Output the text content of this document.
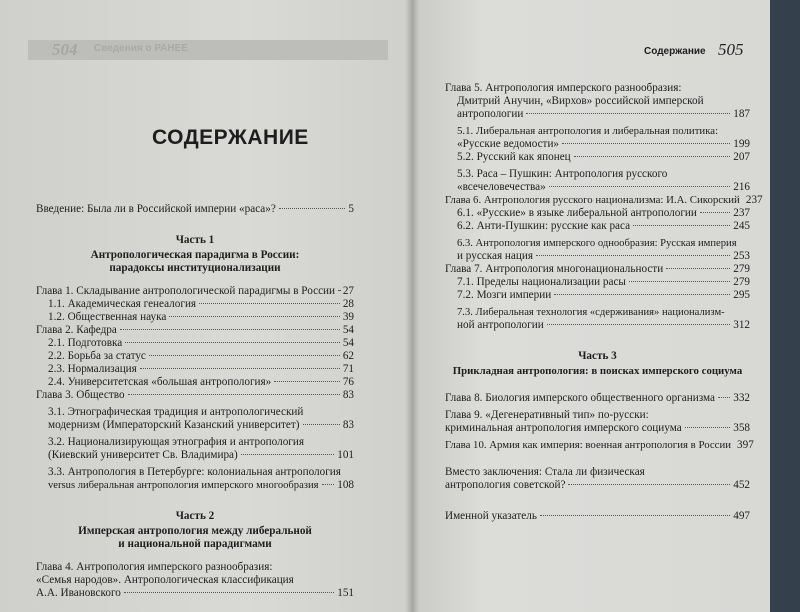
504 Сведения о РАНЕЕ
СОДЕРЖАНИЕ
Введение: Была ли в Российской империи «раса»?	5
Часть 1
Антропологическая парадигма в России:
парадоксы институционализации
Глава 1. Складывание антропологической парадигмы в России 27
1.1. Академическая генеалогия	28
1.2. Общественная наука	39
Глава 2. Кафедра	54
2.1. Подготовка	54
2.2. Борьба за статус	62
2.3. Нормализация	71
2.4. Университетская «большая антропология»	76
Глава 3. Общество	83
3.1. Этнографическая традиция и антропологический
модернизм (Императорский Казанский университет)	83
3.2. Национализирующая этнография и антропология
(Киевский университет Св. Владимира)	101
3.3. Антропология в Петербурге: колониальная антропология
versus либеральная антропология имперского многообразия 108
Часть 2
Имперская антропология между либеральной
и национальной парадигмами
Глава 4. Антропология имперского разнообразия:
«Семья народов». Антропологическая классификация
А.А. Ивановского	151
Содержание 505
Глава 5. Антропология имперского разнообразия:
Дмитрий Анучин, «Вирхов» российской имперской
антропологии	187
5.1. Либеральная антропология и либеральная политика:
«Русские ведомости»	199
5.2. Русский как японец	207
5.3. Раса – Пушкин: Антропология русского
«всечеловечества»	216
Глава 6. Антропология русского национализма: И.А. Сикорский 237
6.1. «Русские» в языке либеральной антропологии	237
6.2. Анти-Пушкин: русские как раса	245
6.3. Антропология имперского однообразия: Русская империя
и русская нация	253
Глава 7. Антропология многонациональности	279
7.1. Пределы национализации расы	279
7.2. Мозги империи	295
7.3. Либеральная технология «сдерживания» национализм-
ной антропологии	312
Часть 3
Прикладная антропология: в поисках имперского социума
Глава 8. Биология имперского общественного организма 332
Глава 9. «Дегенеративный тип» по-русски:
криминальная антропология имперского социума	358
Глава 10. Армия как империя: военная антропология в России 397
Вместо заключения: Стала ли физическая
антропология советской?	452
Именной указатель	497
